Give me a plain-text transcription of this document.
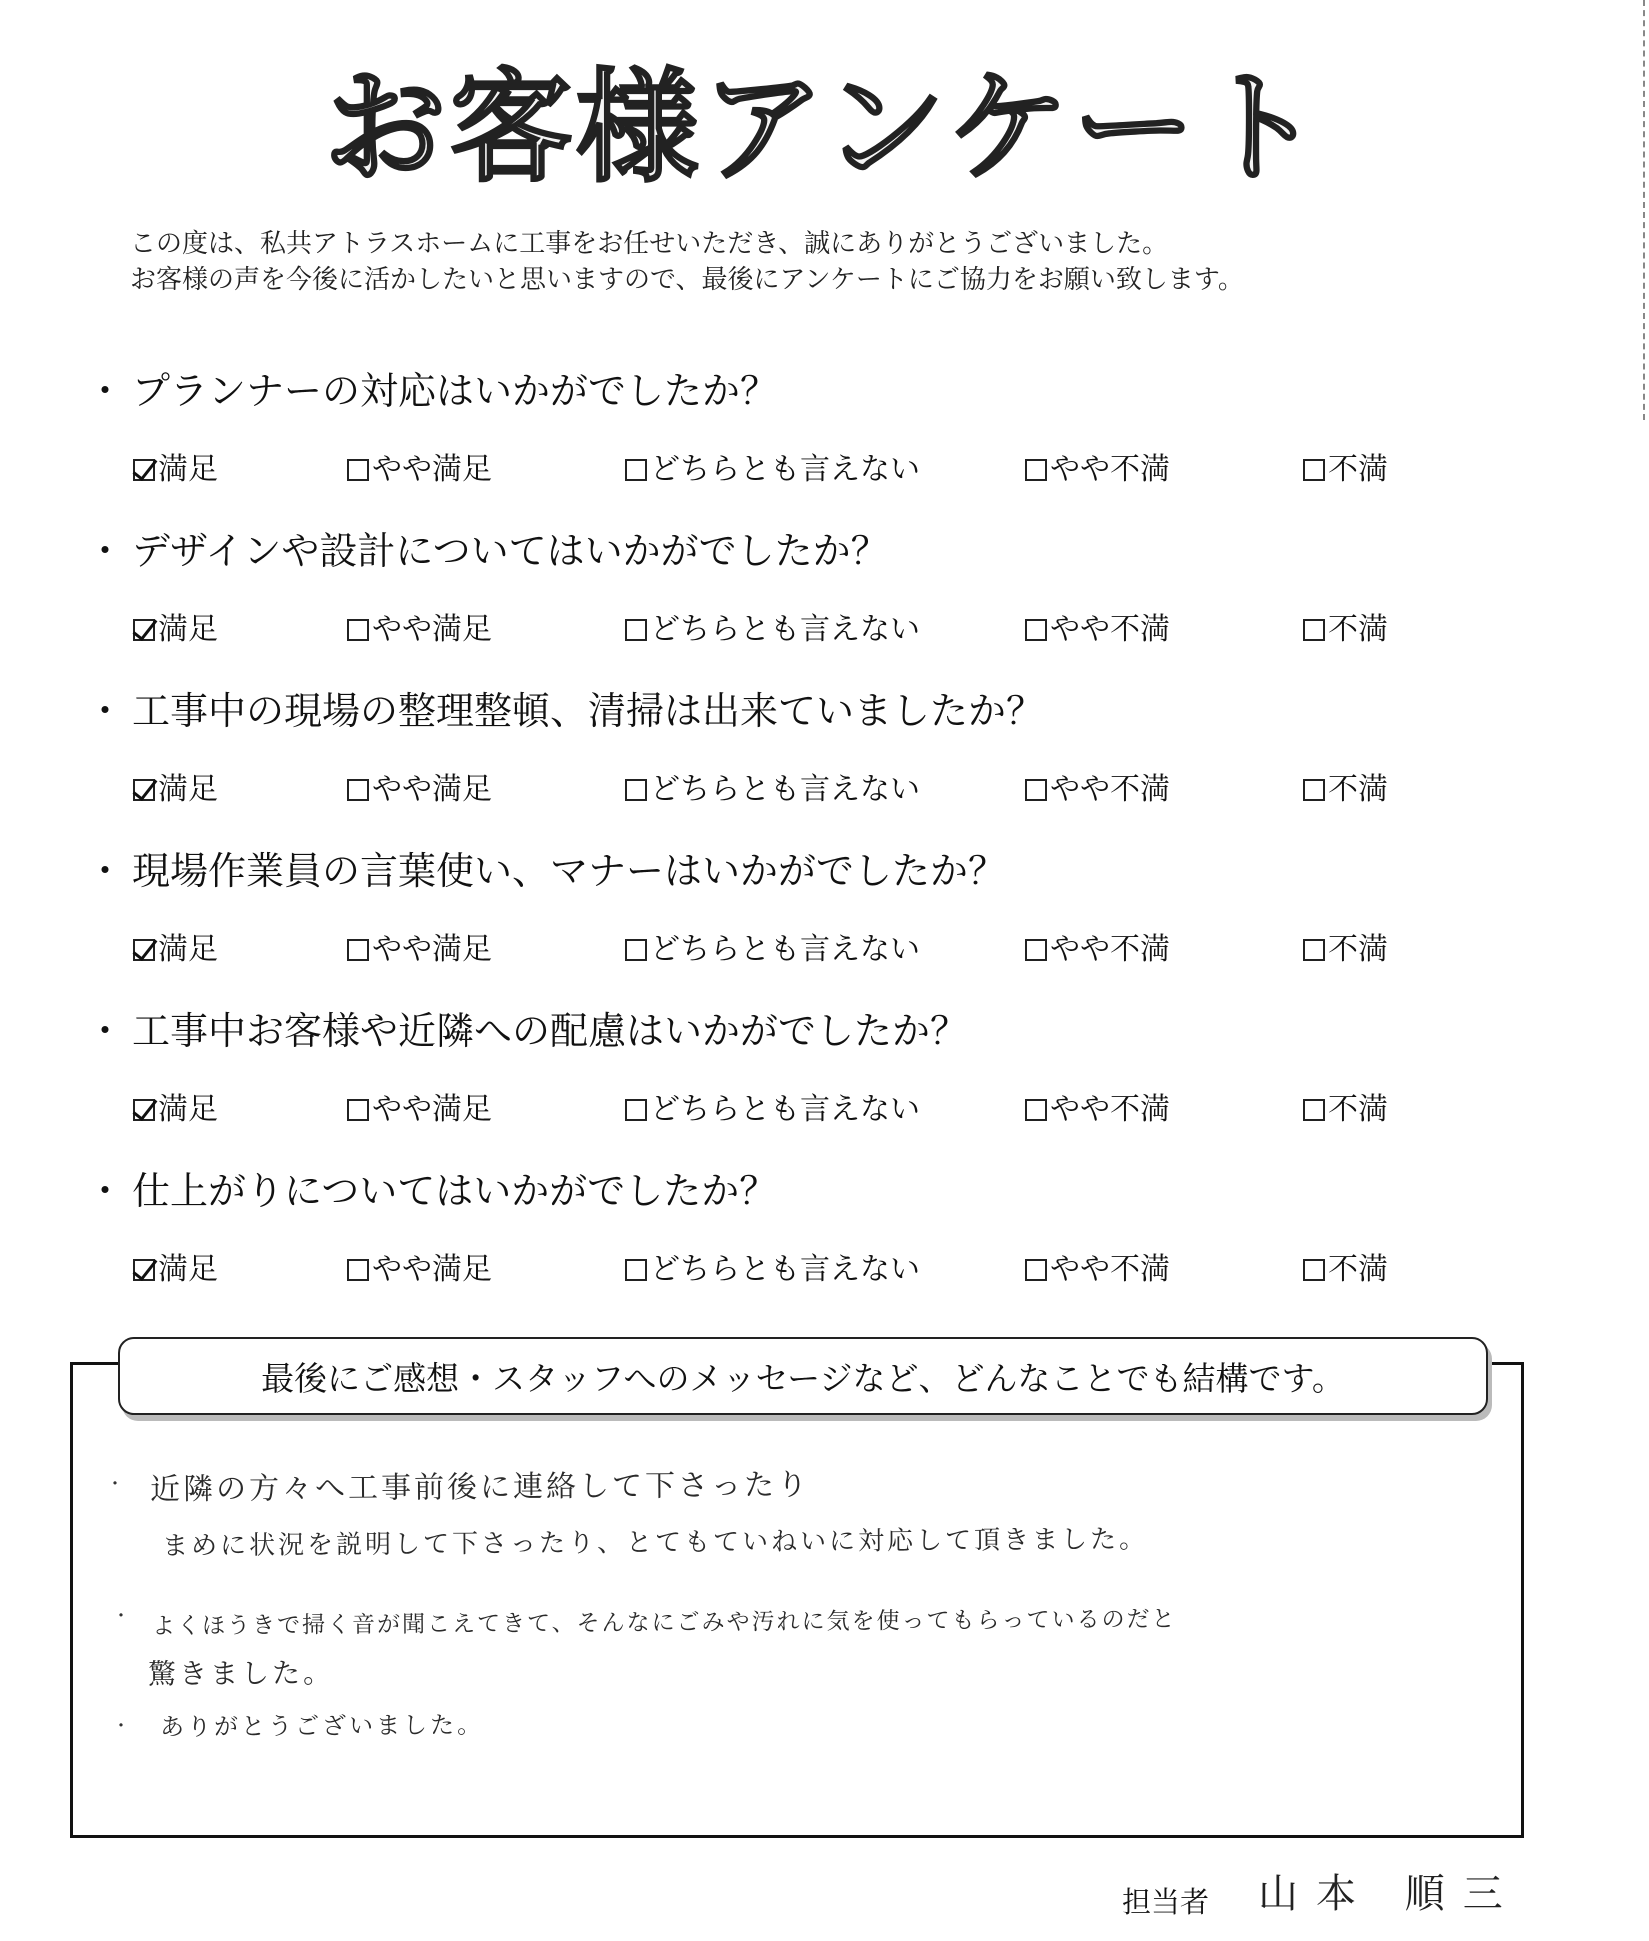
お客様アンケート
この度は、私共アトラスホームに工事をお任せいただき、誠にありがとうございました。
お客様の声を今後に活かしたいと思いますので、最後にアンケートにご協力をお願い致します。
・ プランナーの対応はいかがでしたか？
満足	やや満足	どちらとも言えない	やや不満	不満
・ デザインや設計についてはいかがでしたか？
満足	やや満足	どちらとも言えない	やや不満	不満
・ 工事中の現場の整理整頓、清掃は出来ていましたか？
満足	やや満足	どちらとも言えない	やや不満	不満
・ 現場作業員の言葉使い、マナーはいかがでしたか？
満足	やや満足	どちらとも言えない	やや不満	不満
・ 工事中お客様や近隣への配慮はいかがでしたか？
満足	やや満足	どちらとも言えない	やや不満	不満
・ 仕上がりについてはいかがでしたか？
満足	やや満足	どちらとも言えない	やや不満	不満
最後にご感想・スタッフへのメッセージなど、どんなことでも結構です。
・ 近隣の方々へ工事前後に連絡して下さったり
まめに状況を説明して下さったり、とてもていねいに対応して頂きました。
・ よくほうきで掃く音が聞こえてきて、そんなにごみや汚れに気を使ってもらっているのだと
驚きました。
・ ありがとうございました。
担当者 山本 順三
